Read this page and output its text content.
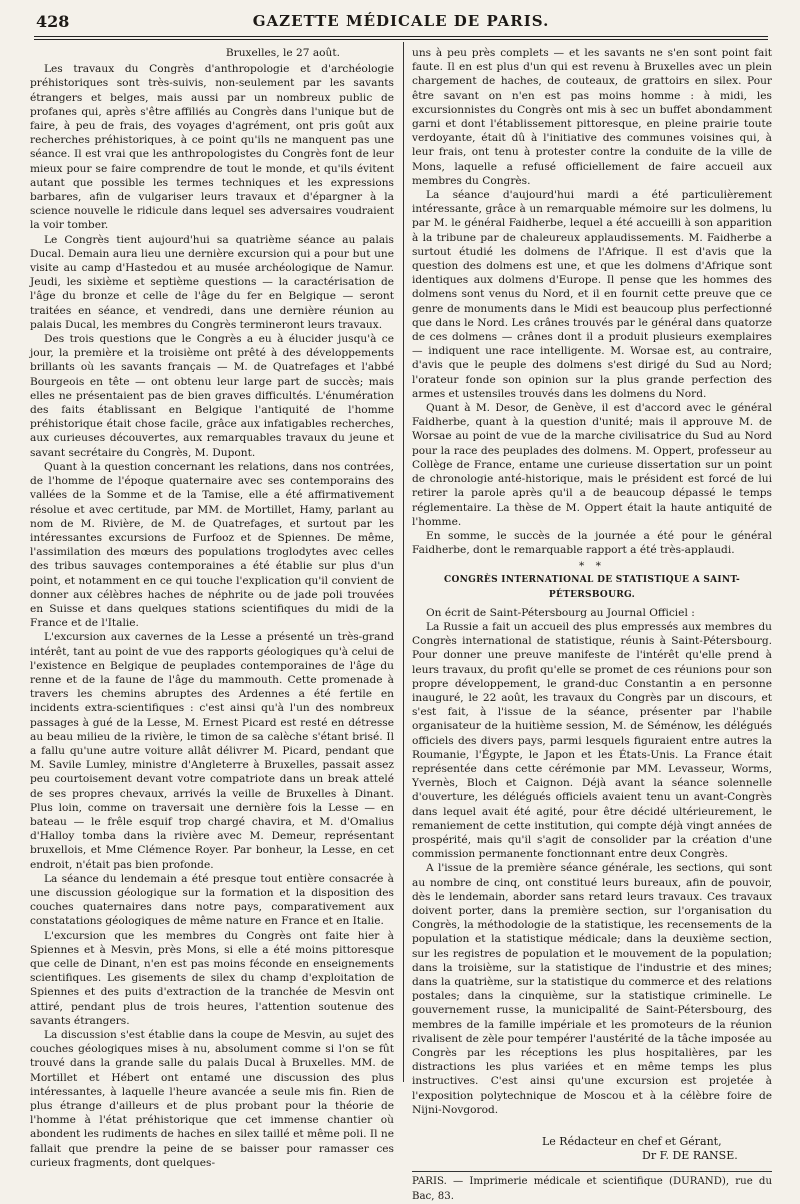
428	GAZETTE MÉDICALE DE PARIS.
Bruxelles, le 27 août.

Les travaux du Congrès d'anthropologie et d'archéologie préhistoriques sont très-suivis, non-seulement par les savants étrangers et belges, mais aussi par un nombreux public de profanes qui, après s'être affiliés au Congrès dans l'unique but de faire, à peu de frais, des voyages d'agrément, ont pris goût aux recherches préhistoriques, à ce point qu'ils ne manquent pas une séance. Il est vrai que les anthropologistes du Congrès font de leur mieux pour se faire comprendre de tout le monde, et qu'ils évitent autant que possible les termes techniques et les expressions barbares, afin de vulgariser leurs travaux et d'épargner à la science nouvelle le ridicule dans lequel ses adversaires voudraient la voir tomber.

Le Congrès tient aujourd'hui sa quatrième séance au palais Ducal. Demain aura lieu une dernière excursion qui a pour but une visite au camp d'Hastedou et au musée archéologique de Namur. Jeudi, les sixième et septième questions — la caractérisation de l'âge du bronze et celle de l'âge du fer en Belgique — seront traitées en séance, et vendredi, dans une dernière réunion au palais Ducal, les membres du Congrès termineront leurs travaux.

Des trois questions que le Congrès a eu à élucider jusqu'à ce jour, la première et la troisième ont prêté à des développements brillants où les savants français — M. de Quatrefages et l'abbé Bourgeois en tête — ont obtenu leur large part de succès; mais elles ne présentaient pas de bien graves difficultés. L'énumération des faits établissant en Belgique l'antiquité de l'homme préhistorique était chose facile, grâce aux infatigables recherches, aux curieuses découvertes, aux remarquables travaux du jeune et savant secrétaire du Congrès, M. Dupont.

Quant à la question concernant les relations, dans nos contrées, de l'homme de l'époque quaternaire avec ses contemporains des vallées de la Somme et de la Tamise, elle a été affirmativement résolue et avec certitude, par MM. de Mortillet, Hamy, parlant au nom de M. Rivière, de M. de Quatrefages, et surtout par les intéressantes excursions de Furfooz et de Spiennes. De même, l'assimilation des mœurs des populations troglodytes avec celles des tribus sauvages contemporaines a été établie sur plus d'un point, et notamment en ce qui touche l'explication qu'il convient de donner aux célèbres haches de néphrite ou de jade poli trouvées en Suisse et dans quelques stations scientifiques du midi de la France et de l'Italie.

L'excursion aux cavernes de la Lesse a présenté un très-grand intérêt, tant au point de vue des rapports géologiques qu'à celui de l'existence en Belgique de peuplades contemporaines de l'âge du renne et de la faune de l'âge du mammouth. Cette promenade à travers les chemins abruptes des Ardennes a été fertile en incidents extra-scientifiques : c'est ainsi qu'à l'un des nombreux passages à gué de la Lesse, M. Ernest Picard est resté en détresse au beau milieu de la rivière, le timon de sa calèche s'étant brisé. Il a fallu qu'une autre voiture allât délivrer M. Picard, pendant que M. Savile Lumley, ministre d'Angleterre à Bruxelles, passait assez peu courtoisement devant votre compatriote dans un break attelé de ses propres chevaux, arrivés la veille de Bruxelles à Dinant. Plus loin, comme on traversait une dernière fois la Lesse — en bateau — le frêle esquif trop chargé chavira, et M. d'Omalius d'Halloy tomba dans la rivière avec M. Demeur, représentant bruxellois, et Mme Clémence Royer. Par bonheur, la Lesse, en cet endroit, n'était pas bien profonde.

La séance du lendemain a été presque tout entière consacrée à une discussion géologique sur la formation et la disposition des couches quaternaires dans notre pays, comparativement aux constatations géologiques de même nature en France et en Italie.

L'excursion que les membres du Congrès ont faite hier à Spiennes et à Mesvin, près Mons, si elle a été moins pittoresque que celle de Dinant, n'en est pas moins féconde en enseignements scientifiques. Les gisements de silex du champ d'exploitation de Spiennes et des puits d'extraction de la tranchée de Mesvin ont attiré, pendant plus de trois heures, l'attention soutenue des savants étrangers.

La discussion s'est établie dans la coupe de Mesvin, au sujet des couches géologiques mises à nu, absolument comme si l'on se fût trouvé dans la grande salle du palais Ducal à Bruxelles. MM. de Mortillet et Hébert ont entamé une discussion des plus intéressantes, à laquelle l'heure avancée a seule mis fin. Rien de plus étrange d'ailleurs et de plus probant pour la théorie de l'homme à l'état préhistorique que cet immense chantier où abondent les rudiments de haches en silex taillé et même poli. Il ne fallait que prendre la peine de se baisser pour ramasser ces curieux fragments, dont quelques-

uns à peu près complets — et les savants ne s'en sont point fait faute. Il en est plus d'un qui est revenu à Bruxelles avec un plein chargement de haches, de couteaux, de grattoirs en silex. Pour être savant on n'en est pas moins homme : à midi, les excursionnistes du Congrès ont mis à sec un buffet abondamment garni et dont l'établissement pittoresque, en pleine prairie toute verdoyante, était dû à l'initiative des communes voisines qui, à leur frais, ont tenu à protester contre la conduite de la ville de Mons, laquelle a refusé officiellement de faire accueil aux membres du Congrès.

La séance d'aujourd'hui mardi a été particulièrement intéressante, grâce à un remarquable mémoire sur les dolmens, lu par M. le général Faidherbe, lequel a été accueilli à son apparition à la tribune par de chaleureux applaudissements. M. Faidherbe a surtout étudié les dolmens de l'Afrique. Il est d'avis que la question des dolmens est une, et que les dolmens d'Afrique sont identiques aux dolmens d'Europe. Il pense que les hommes des dolmens sont venus du Nord, et il en fournit cette preuve que ce genre de monuments dans le Midi est beaucoup plus perfectionné que dans le Nord. Les crânes trouvés par le général dans quatorze de ces dolmens — crânes dont il a produit plusieurs exemplaires — indiquent une race intelligente. M. Worsae est, au contraire, d'avis que le peuple des dolmens s'est dirigé du Sud au Nord; l'orateur fonde son opinion sur la plus grande perfection des armes et ustensiles trouvés dans les dolmens du Nord.

Quant à M. Desor, de Genève, il est d'accord avec le général Faidherbe, quant à la question d'unité; mais il approuve M. de Worsae au point de vue de la marche civilisatrice du Sud au Nord pour la race des peuplades des dolmens. M. Oppert, professeur au Collège de France, entame une curieuse dissertation sur un point de chronologie anté-historique, mais le président est forcé de lui retirer la parole après qu'il a de beaucoup dépassé le temps réglementaire. La thèse de M. Oppert était la haute antiquité de l'homme.

En somme, le succès de la journée a été pour le général Faidherbe, dont le remarquable rapport a été très-applaudi.

* *
CONGRÈS INTERNATIONAL DE STATISTIQUE A SAINT-PÉTERSBOURG.

On écrit de Saint-Pétersbourg au Journal Officiel :

La Russie a fait un accueil des plus empressés aux membres du Congrès international de statistique, réunis à Saint-Pétersbourg. Pour donner une preuve manifeste de l'intérêt qu'elle prend à leurs travaux, du profit qu'elle se promet de ces réunions pour son propre développement, le grand-duc Constantin a en personne inauguré, le 22 août, les travaux du Congrès par un discours, et s'est fait, à l'issue de la séance, présenter par l'habile organisateur de la huitième session, M. de Séménow, les délégués officiels des divers pays, parmi lesquels figuraient entre autres la Roumanie, l'Égypte, le Japon et les États-Unis. La France était représentée dans cette cérémonie par MM. Levasseur, Worms, Yvernès, Bloch et Caignon. Déjà avant la séance solennelle d'ouverture, les délégués officiels avaient tenu un avant-Congrès dans lequel avait été agité, pour être décidé ultérieurement, le remaniement de cette institution, qui compte déjà vingt années de prospérité, mais qu'il s'agit de consolider par la création d'une commission permanente fonctionnant entre deux Congrès.

A l'issue de la première séance générale, les sections, qui sont au nombre de cinq, ont constitué leurs bureaux, afin de pouvoir, dès le lendemain, aborder sans retard leurs travaux. Ces travaux doivent porter, dans la première section, sur l'organisation du Congrès, la méthodologie de la statistique, les recensements de la population et la statistique médicale; dans la deuxième section, sur les registres de population et le mouvement de la population; dans la troisième, sur la statistique de l'industrie et des mines; dans la quatrième, sur la statistique du commerce et des relations postales; dans la cinquième, sur la statistique criminelle. Le gouvernement russe, la municipalité de Saint-Pétersbourg, des membres de la famille impériale et les promoteurs de la réunion rivalisent de zèle pour tempérer l'austérité de la tâche imposée au Congrès par les réceptions les plus hospitalières, par les distractions les plus variées et en même temps les plus instructives. C'est ainsi qu'une excursion est projetée à l'exposition polytechnique de Moscou et à la célèbre foire de Nijni-Novgorod.

Le Rédacteur en chef et Gérant,
Dr F. DE RANSE.
PARIS. — Imprimerie médicale et scientifique (DURAND), rue du Bac, 83.
